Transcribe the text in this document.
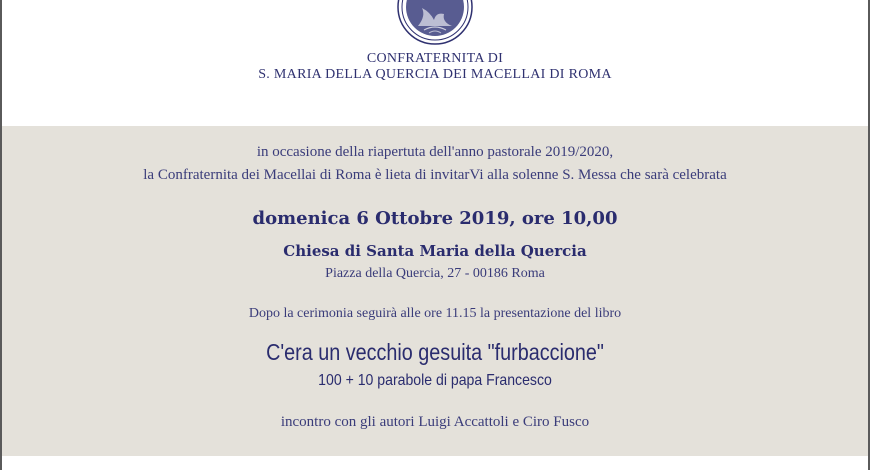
CONFRATERNITA DI
S. MARIA DELLA QUERCIA DEI MACELLAI DI ROMA
in occasione della riapertuta dell'anno pastorale 2019/2020,
la Confraternita dei Macellai di Roma è lieta di invitarVi alla solenne S. Messa che sarà celebrata
domenica 6 Ottobre 2019, ore 10,00
Chiesa di Santa Maria della Quercia
Piazza della Quercia, 27 - 00186 Roma
Dopo la cerimonia seguirà alle ore 11.15 la presentazione del libro
C'era un vecchio gesuita "furbaccione"
100 + 10 parabole di papa Francesco
incontro con gli autori Luigi Accattoli e Ciro Fusco
